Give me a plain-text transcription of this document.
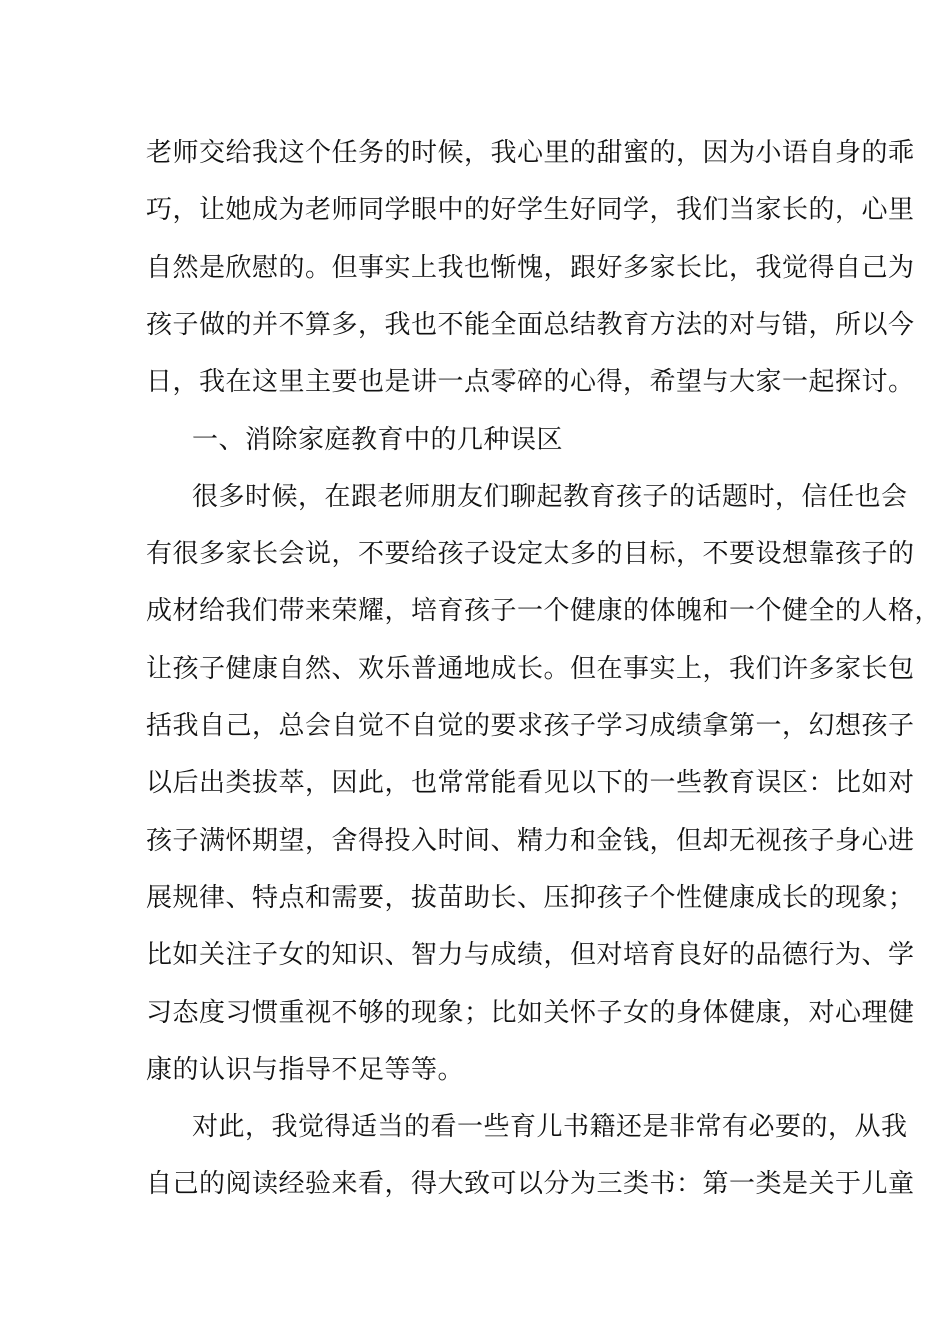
老师交给我这个任务的时候，我心里的甜蜜的，因为小语自身的乖
巧，让她成为老师同学眼中的好学生好同学，我们当家长的，心里
自然是欣慰的。但事实上我也惭愧，跟好多家长比，我觉得自己为
孩子做的并不算多，我也不能全面总结教育方法的对与错，所以今
日，我在这里主要也是讲一点零碎的心得，希望与大家一起探讨。
一、消除家庭教育中的几种误区
很多时候，在跟老师朋友们聊起教育孩子的话题时，信任也会
有很多家长会说，不要给孩子设定太多的目标，不要设想靠孩子的
成材给我们带来荣耀，培育孩子一个健康的体魄和一个健全的人格，
让孩子健康自然、欢乐普通地成长。但在事实上，我们许多家长包
括我自己，总会自觉不自觉的要求孩子学习成绩拿第一，幻想孩子
以后出类拔萃，因此，也常常能看见以下的一些教育误区：比如对
孩子满怀期望，舍得投入时间、精力和金钱，但却无视孩子身心进
展规律、特点和需要，拔苗助长、压抑孩子个性健康成长的现象；
比如关注子女的知识、智力与成绩，但对培育良好的品德行为、学
习态度习惯重视不够的现象；比如关怀子女的身体健康，对心理健
康的认识与指导不足等等。
对此，我觉得适当的看一些育儿书籍还是非常有必要的，从我
自己的阅读经验来看，得大致可以分为三类书：第一类是关于儿童
